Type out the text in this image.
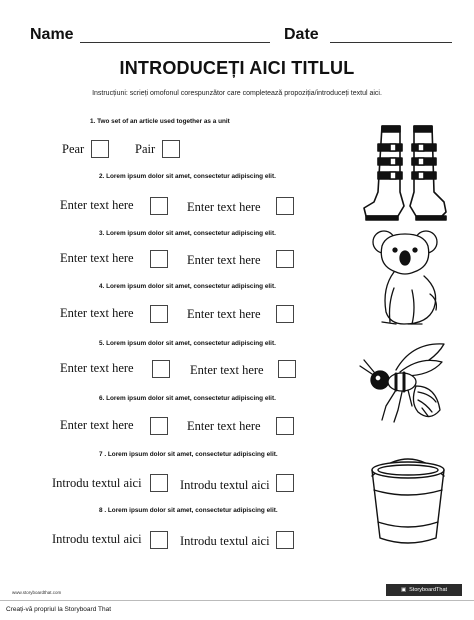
Name	Date
INTRODUCEȚI AICI TITLUL
Instrucțiuni: scrieți omofonul corespunzător care completează propoziția/introduceți textul aici.
1. Two set of an article used together as a unit
Pear	Pair
2. Lorem ipsum dolor sit amet, consectetur adipiscing elit.
Enter text here	Enter text here
3. Lorem ipsum dolor sit amet, consectetur adipiscing elit.
Enter text here	Enter text here
4. Lorem ipsum dolor sit amet, consectetur adipiscing elit.
Enter text here	Enter text here
5. Lorem ipsum dolor sit amet, consectetur adipiscing elit.
Enter text here	Enter text here
6. Lorem ipsum dolor sit amet, consectetur adipiscing elit.
Enter text here	Enter text here
7 . Lorem ipsum dolor sit amet, consectetur adipiscing elit.
Introdu textul aici	Introdu textul aici
8 . Lorem ipsum dolor sit amet, consectetur adipiscing elit.
Introdu textul aici	Introdu textul aici
www.storyboardthat.com	▣ StoryboardThat
Creați-vă propriul la Storyboard That
